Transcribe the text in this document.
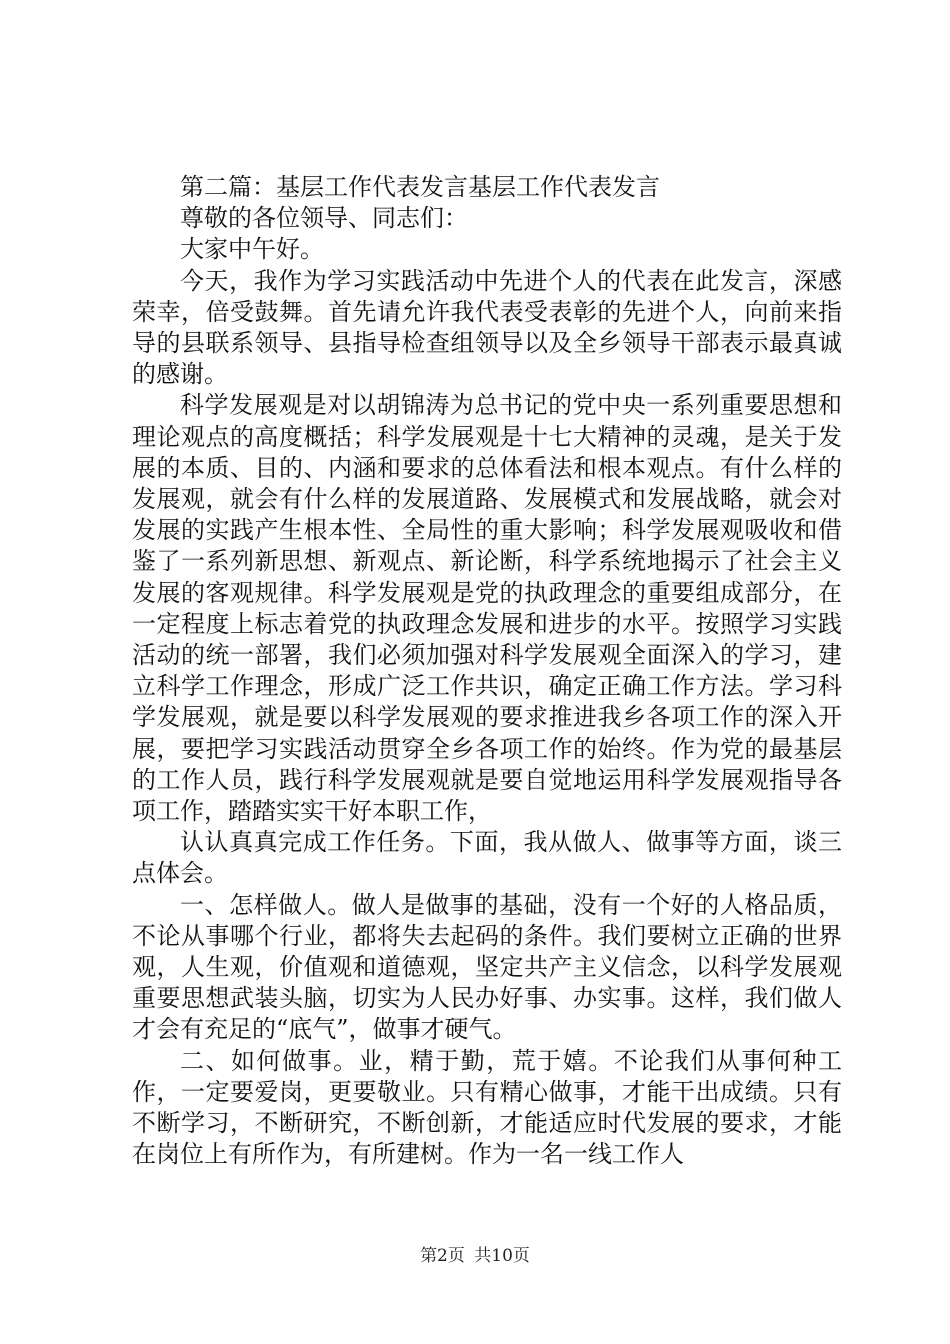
第二篇：基层工作代表发言基层工作代表发言

尊敬的各位领导、同志们：

大家中午好。

今天，我作为学习实践活动中先进个人的代表在此发言，深感荣幸，倍受鼓舞。首先请允许我代表受表彰的先进个人，向前来指导的县联系领导、县指导检查组领导以及全乡领导干部表示最真诚的感谢。

科学发展观是对以胡锦涛为总书记的党中央一系列重要思想和理论观点的高度概括；科学发展观是十七大精神的灵魂，是关于发展的本质、目的、内涵和要求的总体看法和根本观点。有什么样的发展观，就会有什么样的发展道路、发展模式和发展战略，就会对发展的实践产生根本性、全局性的重大影响；科学发展观吸收和借鉴了一系列新思想、新观点、新论断，科学系统地揭示了社会主义发展的客观规律。科学发展观是党的执政理念的重要组成部分，在一定程度上标志着党的执政理念发展和进步的水平。按照学习实践活动的统一部署，我们必须加强对科学发展观全面深入的学习，建立科学工作理念，形成广泛工作共识，确定正确工作方法。学习科学发展观，就是要以科学发展观的要求推进我乡各项工作的深入开展，要把学习实践活动贯穿全乡各项工作的始终。作为党的最基层的工作人员，践行科学发展观就是要自觉地运用科学发展观指导各项工作，踏踏实实干好本职工作，

认认真真完成工作任务。下面，我从做人、做事等方面，谈三点体会。

一、怎样做人。做人是做事的基础，没有一个好的人格品质，不论从事哪个行业，都将失去起码的条件。我们要树立正确的世界观，人生观，价值观和道德观，坚定共产主义信念，以科学发展观重要思想武装头脑，切实为人民办好事、办实事。这样，我们做人才会有充足的“底气”，做事才硬气。

二、如何做事。业，精于勤，荒于嬉。不论我们从事何种工作，一定要爱岗，更要敬业。只有精心做事，才能干出成绩。只有不断学习，不断研究，不断创新，才能适应时代发展的要求，才能在岗位上有所作为，有所建树。作为一名一线工作人

第2页 共10页
